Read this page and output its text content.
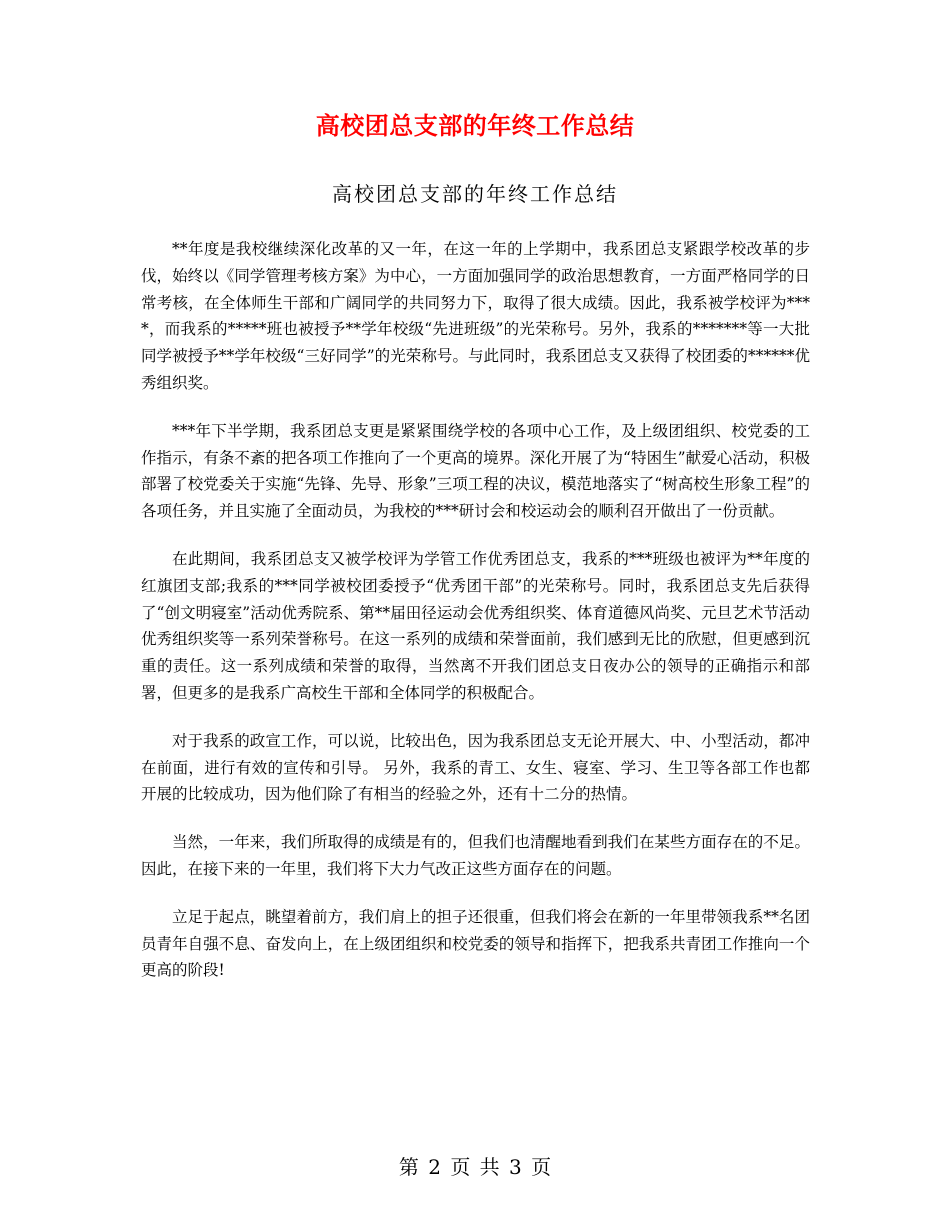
高校团总支部的年终工作总结
高校团总支部的年终工作总结

**年度是我校继续深化改革的又一年，在这一年的上学期中，我系团总支紧跟学校改革的步伐，始终以《同学管理考核方案》为中心，一方面加强同学的政治思想教育，一方面严格同学的日常考核，在全体师生干部和广阔同学的共同努力下，取得了很大成绩。因此，我系被学校评为****，而我系的*****班也被授予**学年校级“先进班级”的光荣称号。另外，我系的*******等一大批同学被授予**学年校级“三好同学”的光荣称号。与此同时，我系团总支又获得了校团委的******优秀组织奖。

***年下半学期，我系团总支更是紧紧围绕学校的各项中心工作，及上级团组织、校党委的工作指示，有条不紊的把各项工作推向了一个更高的境界。深化开展了为“特困生”献爱心活动，积极部署了校党委关于实施“先锋、先导、形象”三项工程的决议，模范地落实了“树高校生形象工程”的各项任务，并且实施了全面动员，为我校的***研讨会和校运动会的顺利召开做出了一份贡献。

在此期间，我系团总支又被学校评为学管工作优秀团总支，我系的***班级也被评为**年度的红旗团支部;我系的***同学被校团委授予“优秀团干部”的光荣称号。同时，我系团总支先后获得了“创文明寝室”活动优秀院系、第**届田径运动会优秀组织奖、体育道德风尚奖、元旦艺术节活动优秀组织奖等一系列荣誉称号。在这一系列的成绩和荣誉面前，我们感到无比的欣慰，但更感到沉重的责任。这一系列成绩和荣誉的取得，当然离不开我们团总支日夜办公的领导的正确指示和部署，但更多的是我系广高校生干部和全体同学的积极配合。

对于我系的政宣工作，可以说，比较出色，因为我系团总支无论开展大、中、小型活动，都冲在前面，进行有效的宣传和引导。 另外，我系的青工、女生、寝室、学习、生卫等各部工作也都开展的比较成功，因为他们除了有相当的经验之外，还有十二分的热情。

当然，一年来，我们所取得的成绩是有的，但我们也清醒地看到我们在某些方面存在的不足。因此，在接下来的一年里，我们将下大力气改正这些方面存在的问题。

立足于起点，眺望着前方，我们肩上的担子还很重，但我们将会在新的一年里带领我系**名团员青年自强不息、奋发向上，在上级团组织和校党委的领导和指挥下，把我系共青团工作推向一个更高的阶段!

第 2 页 共 3 页
